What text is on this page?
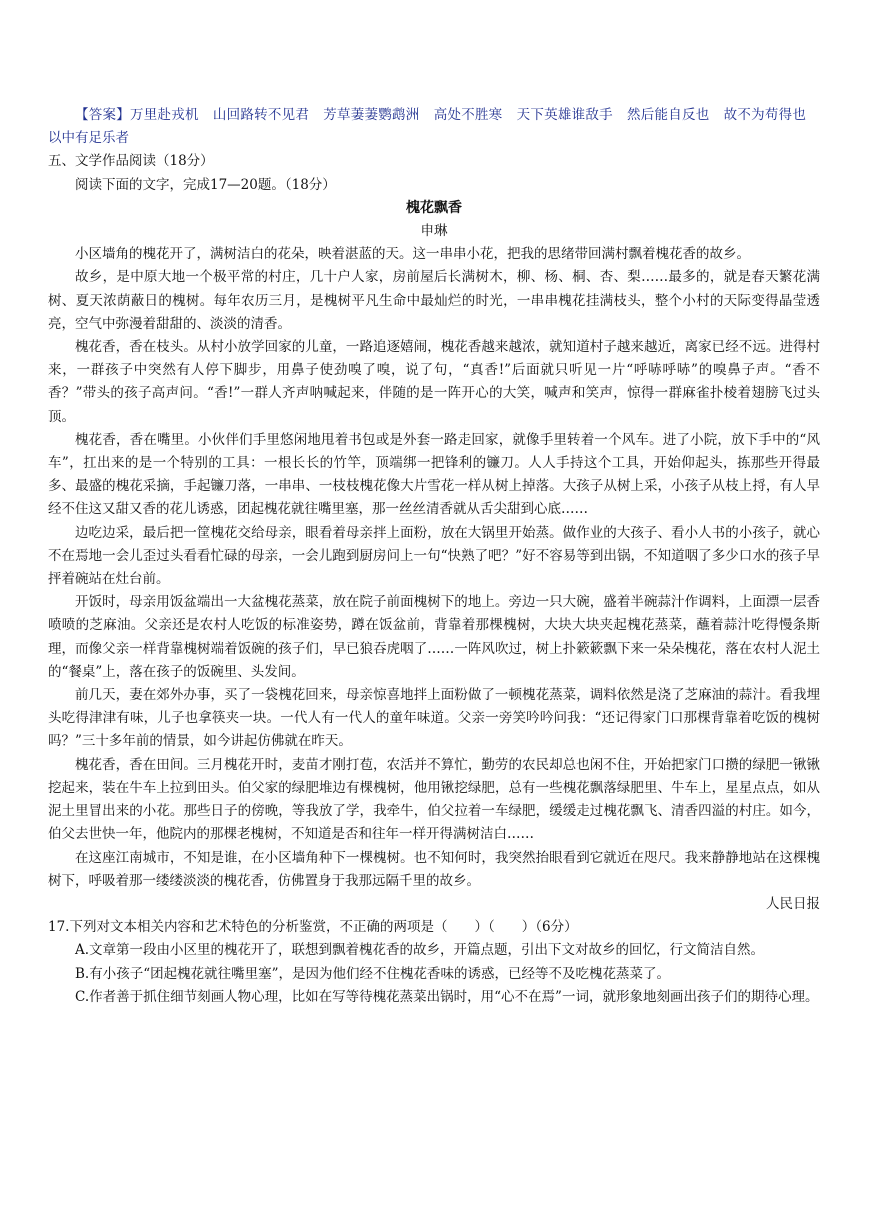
【答案】万里赴戎机 山回路转不见君 芳草萋萋鹦鹉洲 高处不胜寒 天下英雄谁敌手 然后能自反也 故不为苟得也以中有足乐者

五、文学作品阅读（18分）

阅读下面的文字，完成17—20题。（18分）

槐花飘香

申琳

小区墙角的槐花开了，满树洁白的花朵，映着湛蓝的天。这一串串小花，把我的思绪带回满村飘着槐花香的故乡。

故乡，是中原大地一个极平常的村庄，几十户人家，房前屋后长满树木，柳、杨、桐、杏、梨……最多的，就是春天繁花满树、夏天浓荫蔽日的槐树。每年农历三月，是槐树平凡生命中最灿烂的时光，一串串槐花挂满枝头，整个小村的天际变得晶莹透亮，空气中弥漫着甜甜的、淡淡的清香。

槐花香，香在枝头。从村小放学回家的儿童，一路追逐嬉闹，槐花香越来越浓，就知道村子越来越近，离家已经不远。进得村来，一群孩子中突然有人停下脚步，用鼻子使劲嗅了嗅，说了句，“真香!”后面就只听见一片“呼哧呼哧”的嗅鼻子声。“香不香？”带头的孩子高声问。“香!”一群人齐声呐喊起来，伴随的是一阵开心的大笑，喊声和笑声，惊得一群麻雀扑棱着翅膀飞过头顶。

槐花香，香在嘴里。小伙伴们手里悠闲地甩着书包或是外套一路走回家，就像手里转着一个风车。进了小院，放下手中的“风车”，扛出来的是一个特别的工具：一根长长的竹竿，顶端绑一把锋利的镰刀。人人手持这个工具，开始仰起头，拣那些开得最多、最盛的槐花采摘，手起镰刀落，一串串、一枝枝槐花像大片雪花一样从树上掉落。大孩子从树上采，小孩子从枝上捋，有人早经不住这又甜又香的花儿诱惑，团起槐花就往嘴里塞，那一丝丝清香就从舌尖甜到心底……

边吃边采，最后把一筐槐花交给母亲，眼看着母亲拌上面粉，放在大锅里开始蒸。做作业的大孩子、看小人书的小孩子，就心不在焉地一会儿歪过头看看忙碌的母亲，一会儿跑到厨房问上一句“快熟了吧？”好不容易等到出锅，不知道咽了多少口水的孩子早抨着碗站在灶台前。

开饭时，母亲用饭盆端出一大盆槐花蒸菜，放在院子前面槐树下的地上。旁边一只大碗，盛着半碗蒜汁作调料，上面漂一层香喷喷的芝麻油。父亲还是农村人吃饭的标准姿势，蹲在饭盆前，背靠着那棵槐树，大块大块夹起槐花蒸菜，蘸着蒜汁吃得慢条斯理，而像父亲一样背靠槐树端着饭碗的孩子们，早已狼吞虎咽了……一阵风吹过，树上扑簌簌飘下来一朵朵槐花，落在农村人泥土的“餐桌”上，落在孩子的饭碗里、头发间。

前几天，妻在郊外办事，买了一袋槐花回来，母亲惊喜地拌上面粉做了一顿槐花蒸菜，调料依然是浇了芝麻油的蒜汁。看我埋头吃得津津有味，儿子也拿筷夹一块。一代人有一代人的童年味道。父亲一旁笑吟吟问我：“还记得家门口那棵背靠着吃饭的槐树吗？”三十多年前的情景，如今讲起仿佛就在昨天。

槐花香，香在田间。三月槐花开时，麦苗才刚打苞，农活并不算忙，勤劳的农民却总也闲不住，开始把家门口攒的绿肥一锹锹挖起来，装在牛车上拉到田头。伯父家的绿肥堆边有棵槐树，他用锹挖绿肥，总有一些槐花飘落绿肥里、牛车上，星星点点，如从泥土里冒出来的小花。那些日子的傍晚，等我放了学，我牵牛，伯父拉着一车绿肥，缓缓走过槐花飘飞、清香四溢的村庄。如今，伯父去世快一年，他院内的那棵老槐树，不知道是否和往年一样开得满树洁白……

在这座江南城市，不知是谁，在小区墙角种下一棵槐树。也不知何时，我突然抬眼看到它就近在咫尺。我来静静地站在这棵槐树下，呼吸着那一缕缕淡淡的槐花香，仿佛置身于我那远隔千里的故乡。

人民日报

17.下列对文本相关内容和艺术特色的分析鉴赏，不正确的两项是（　　）（　　）（6分）

A.文章第一段由小区里的槐花开了，联想到飘着槐花香的故乡，开篇点题，引出下文对故乡的回忆，行文简洁自然。

B.有小孩子“团起槐花就往嘴里塞”，是因为他们经不住槐花香味的诱惑，已经等不及吃槐花蒸菜了。

C.作者善于抓住细节刻画人物心理，比如在写等待槐花蒸菜出锅时，用“心不在焉”一词，就形象地刻画出孩子们的期待心理。
